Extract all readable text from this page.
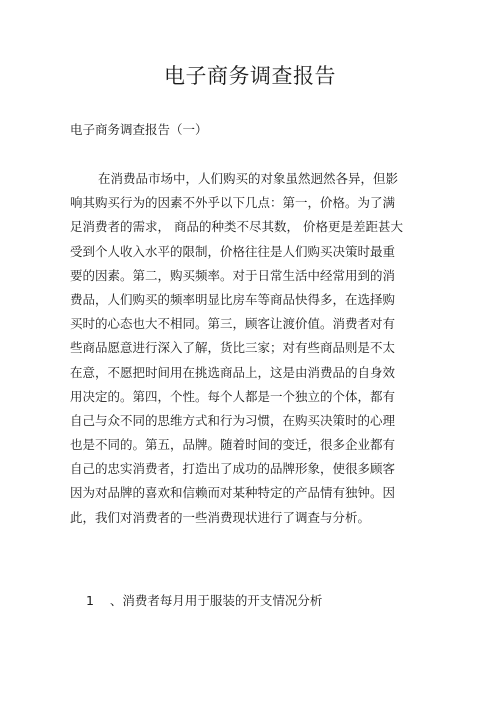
电子商务调查报告

电子商务调查报告（一）

在消费品市场中，人们购买的对象虽然迥然各异，但影
响其购买行为的因素不外乎以下几点：第一，价格。为了满
足消费者的需求， 商品的种类不尽其数， 价格更是差距甚大
受到个人收入水平的限制，价格往往是人们购买决策时最重
要的因素。第二，购买频率。对于日常生活中经常用到的消
费品，人们购买的频率明显比房车等商品快得多，在选择购
买时的心态也大不相同。第三，顾客让渡价值。消费者对有
些商品愿意进行深入了解，货比三家；对有些商品则是不太
在意，不愿把时间用在挑选商品上，这是由消费品的自身效
用决定的。第四，个性。每个人都是一个独立的个体，都有
自己与众不同的思维方式和行为习惯，在购买决策时的心理
也是不同的。第五，品牌。随着时间的变迁，很多企业都有
自己的忠实消费者，打造出了成功的品牌形象，使很多顾客
因为对品牌的喜欢和信赖而对某种特定的产品情有独钟。因
此，我们对消费者的一些消费现状进行了调查与分析。

1    、消费者每月用于服装的开支情况分析
